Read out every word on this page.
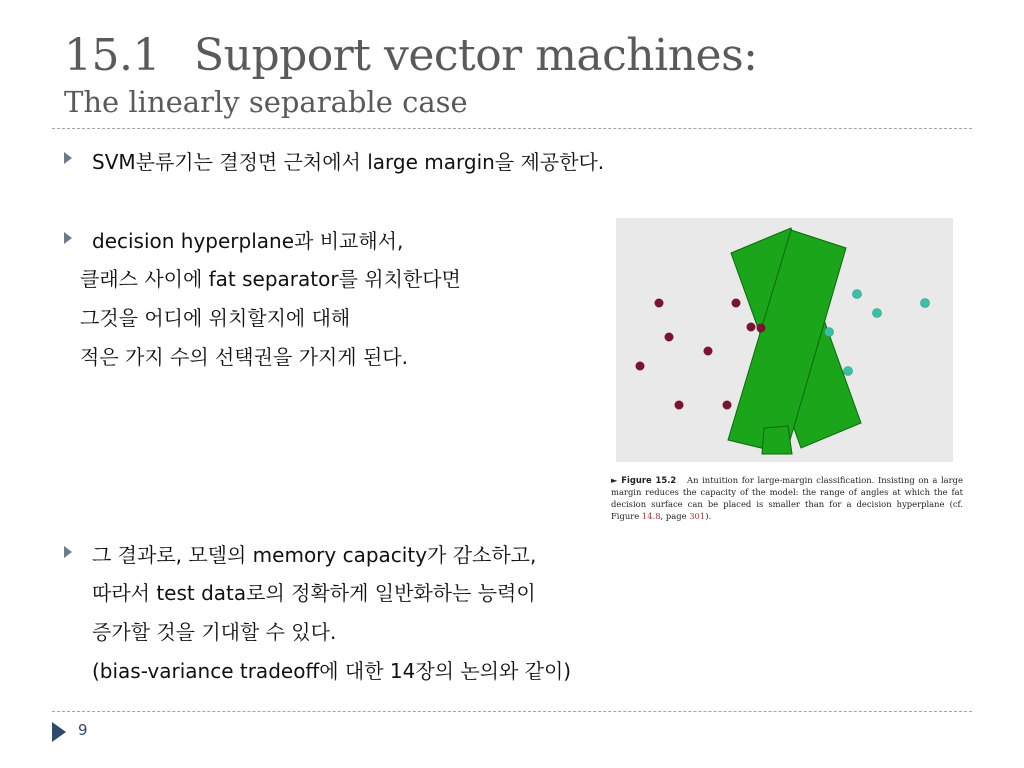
15.1 Support vector machines:
The linearly separable case
SVM분류기는 결정면 근처에서 large margin을 제공한다.
decision hyperplane과 비교해서,
클래스 사이에 fat separator를 위치한다면
그것을 어디에 위치할지에 대해
적은 가지 수의 선택권을 가지게 된다.
► Figure 15.2 An intuition for large-margin classification. Insisting on a large margin reduces the capacity of the model: the range of angles at which the fat decision surface can be placed is smaller than for a decision hyperplane (cf. Figure 14.8, page 301).
그 결과로, 모델의 memory capacity가 감소하고,
따라서 test data로의 정확하게 일반화하는 능력이
증가할 것을 기대할 수 있다.
(bias-variance tradeoff에 대한 14장의 논의와 같이)
9
